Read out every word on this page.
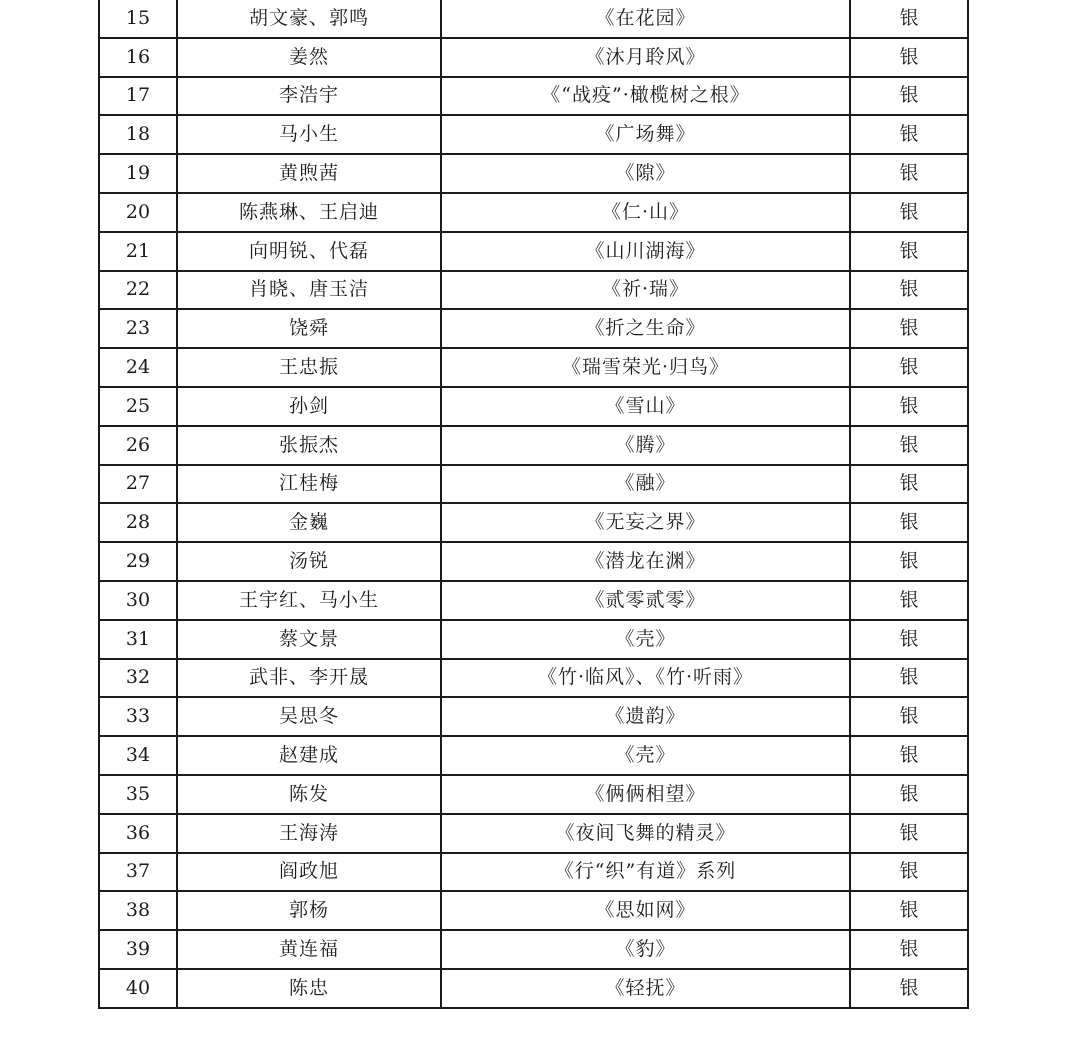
15	胡文豪、郭鸣	《在花园》	银
16	姜然	《沐月聆风》	银
17	李浩宇	《“战疫”·橄榄树之根》	银
18	马小生	《广场舞》	银
19	黄煦茜	《隙》	银
20	陈燕琳、王启迪	《仁·山》	银
21	向明锐、代磊	《山川湖海》	银
22	肖晓、唐玉洁	《祈·瑞》	银
23	饶舜	《折之生命》	银
24	王忠振	《瑞雪荣光·归鸟》	银
25	孙剑	《雪山》	银
26	张振杰	《腾》	银
27	江桂梅	《融》	银
28	金巍	《无妄之界》	银
29	汤锐	《潜龙在渊》	银
30	王宇红、马小生	《贰零贰零》	银
31	蔡文景	《壳》	银
32	武非、李开晟	《竹·临风》、《竹·听雨》	银
33	吴思冬	《遗韵》	银
34	赵建成	《壳》	银
35	陈发	《俩俩相望》	银
36	王海涛	《夜间飞舞的精灵》	银
37	阎政旭	《行“织”有道》系列	银
38	郭杨	《思如网》	银
39	黄连福	《豹》	银
40	陈忠	《轻抚》	银
